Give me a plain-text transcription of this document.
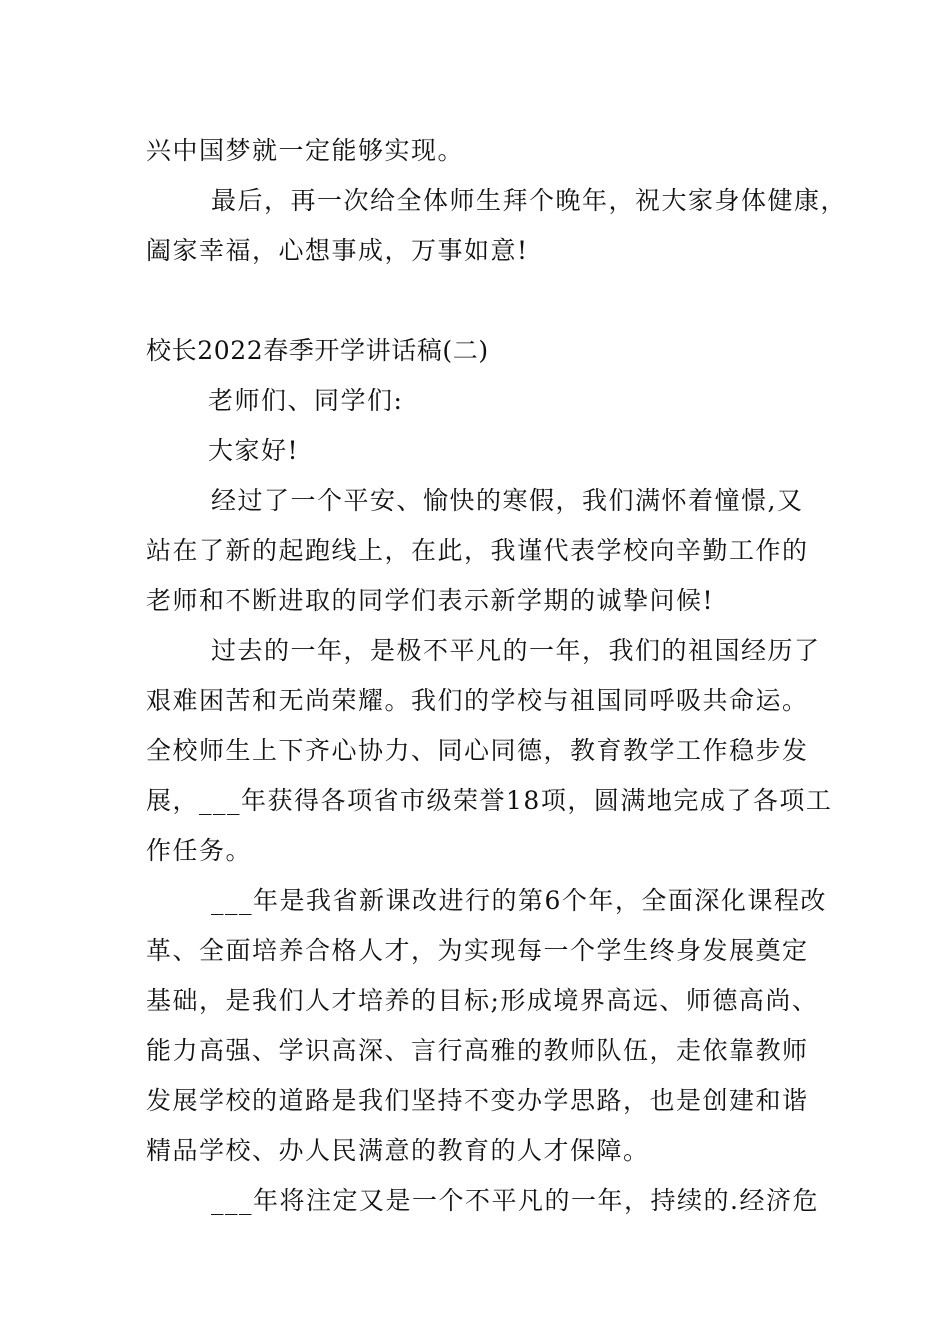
兴中国梦就一定能够实现。
最后，再一次给全体师生拜个晚年，祝大家身体健康，
阖家幸福，心想事成，万事如意!
校长2022春季开学讲话稿(二)
老师们、同学们:
大家好!
经过了一个平安、愉快的寒假，我们满怀着憧憬,又
站在了新的起跑线上，在此，我谨代表学校向辛勤工作的
老师和不断进取的同学们表示新学期的诚挚问候!
过去的一年，是极不平凡的一年，我们的祖国经历了
艰难困苦和无尚荣耀。我们的学校与祖国同呼吸共命运。
全校师生上下齐心协力、同心同德，教育教学工作稳步发
展，___年获得各项省市级荣誉18项，圆满地完成了各项工
作任务。
___年是我省新课改进行的第6个年，全面深化课程改
革、全面培养合格人才，为实现每一个学生终身发展奠定
基础，是我们人才培养的目标;形成境界高远、师德高尚、
能力高强、学识高深、言行高雅的教师队伍，走依靠教师
发展学校的道路是我们坚持不变办学思路，也是创建和谐
精品学校、办人民满意的教育的人才保障。
___年将注定又是一个不平凡的一年，持续的.经济危
